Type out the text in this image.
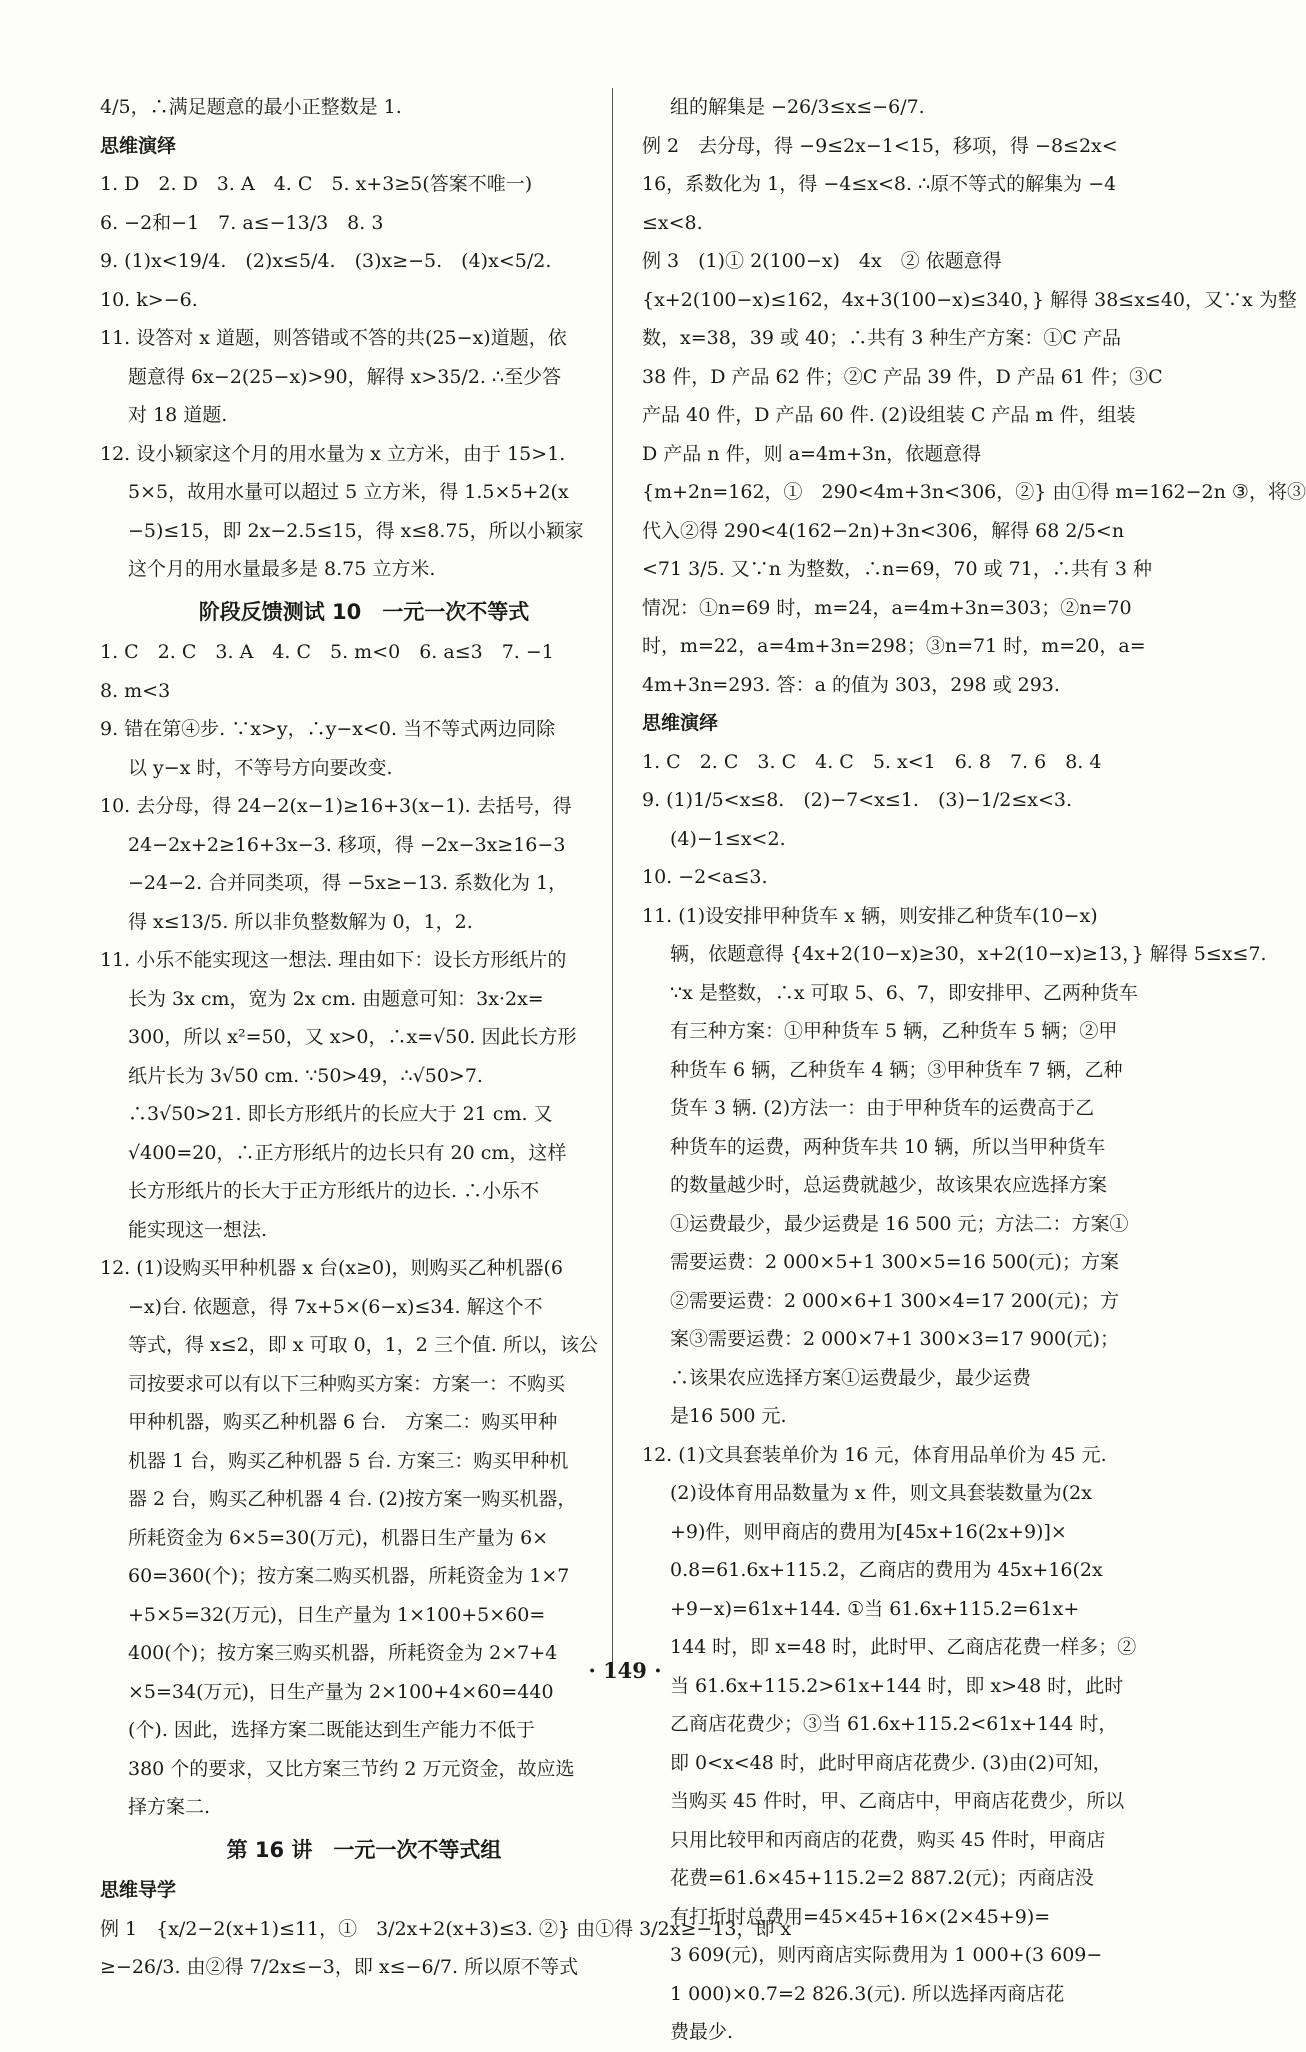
4/5，∴满足题意的最小正整数是 1.
思维演绎
1. D　2. D　3. A　4. C　5. x+3≥5(答案不唯一)
6. −2和−1　7. a≤−13/3　8. 3
9. (1)x<19/4.　(2)x≤5/4.　(3)x≥−5.　(4)x<5/2.
10. k>−6.
11. 设答对 x 道题，则答错或不答的共(25−x)道题，依
题意得 6x−2(25−x)>90，解得 x>35/2. ∴至少答
对 18 道题.
12. 设小颖家这个月的用水量为 x 立方米，由于 15>1.
5×5，故用水量可以超过 5 立方米，得 1.5×5+2(x
−5)≤15，即 2x−2.5≤15，得 x≤8.75，所以小颖家
这个月的用水量最多是 8.75 立方米.
阶段反馈测试 10　一元一次不等式
1. C　2. C　3. A　4. C　5. m<0　6. a≤3　7. −1
8. m<3
9. 错在第④步. ∵x>y，∴y−x<0. 当不等式两边同除
以 y−x 时，不等号方向要改变.
10. 去分母，得 24−2(x−1)≥16+3(x−1). 去括号，得
24−2x+2≥16+3x−3. 移项，得 −2x−3x≥16−3
−24−2. 合并同类项，得 −5x≥−13. 系数化为 1，
得 x≤13/5. 所以非负整数解为 0，1，2.
11. 小乐不能实现这一想法. 理由如下：设长方形纸片的
长为 3x cm，宽为 2x cm. 由题意可知：3x·2x=
300，所以 x²=50，又 x>0，∴x=√50. 因此长方形
纸片长为 3√50 cm. ∵50>49，∴√50>7.
∴3√50>21. 即长方形纸片的长应大于 21 cm. 又
√400=20，∴正方形纸片的边长只有 20 cm，这样
长方形纸片的长大于正方形纸片的边长. ∴小乐不
能实现这一想法.
12. (1)设购买甲种机器 x 台(x≥0)，则购买乙种机器(6
−x)台. 依题意，得 7x+5×(6−x)≤34. 解这个不
等式，得 x≤2，即 x 可取 0，1，2 三个值. 所以，该公
司按要求可以有以下三种购买方案：方案一：不购买
甲种机器，购买乙种机器 6 台.　方案二：购买甲种
机器 1 台，购买乙种机器 5 台. 方案三：购买甲种机
器 2 台，购买乙种机器 4 台. (2)按方案一购买机器，
所耗资金为 6×5=30(万元)，机器日生产量为 6×
60=360(个)；按方案二购买机器，所耗资金为 1×7
+5×5=32(万元)，日生产量为 1×100+5×60=
400(个)；按方案三购买机器，所耗资金为 2×7+4
×5=34(万元)，日生产量为 2×100+4×60=440
(个). 因此，选择方案二既能达到生产能力不低于
380 个的要求，又比方案三节约 2 万元资金，故应选
择方案二.
第 16 讲　一元一次不等式组
思维导学
例 1　{x/2−2(x+1)≤11，①　3/2x+2(x+3)≤3. ②} 由①得 3/2x≥−13，即 x
≥−26/3. 由②得 7/2x≤−3，即 x≤−6/7. 所以原不等式
组的解集是 −26/3≤x≤−6/7.
例 2　去分母，得 −9≤2x−1<15，移项，得 −8≤2x<
16，系数化为 1，得 −4≤x<8. ∴原不等式的解集为 −4
≤x<8.
例 3　(1)① 2(100−x)　4x　② 依题意得
{x+2(100−x)≤162，4x+3(100−x)≤340，} 解得 38≤x≤40，又∵x 为整
数，x=38，39 或 40；∴共有 3 种生产方案：①C 产品
38 件，D 产品 62 件；②C 产品 39 件，D 产品 61 件；③C
产品 40 件，D 产品 60 件. (2)设组装 C 产品 m 件，组装
D 产品 n 件，则 a=4m+3n，依题意得
{m+2n=162，①　290<4m+3n<306，②} 由①得 m=162−2n ③，将③
代入②得 290<4(162−2n)+3n<306，解得 68 2/5<n
<71 3/5. 又∵n 为整数，∴n=69，70 或 71，∴共有 3 种
情况：①n=69 时，m=24，a=4m+3n=303；②n=70
时，m=22，a=4m+3n=298；③n=71 时，m=20，a=
4m+3n=293. 答：a 的值为 303，298 或 293.
思维演绎
1. C　2. C　3. C　4. C　5. x<1　6. 8　7. 6　8. 4
9. (1)1/5<x≤8.　(2)−7<x≤1.　(3)−1/2≤x<3.
(4)−1≤x<2.
10. −2<a≤3.
11. (1)设安排甲种货车 x 辆，则安排乙种货车(10−x)
辆，依题意得 {4x+2(10−x)≥30，x+2(10−x)≥13，} 解得 5≤x≤7.
∵x 是整数，∴x 可取 5、6、7，即安排甲、乙两种货车
有三种方案：①甲种货车 5 辆，乙种货车 5 辆；②甲
种货车 6 辆，乙种货车 4 辆；③甲种货车 7 辆，乙种
货车 3 辆. (2)方法一：由于甲种货车的运费高于乙
种货车的运费，两种货车共 10 辆，所以当甲种货车
的数量越少时，总运费就越少，故该果农应选择方案
①运费最少，最少运费是 16 500 元；方法二：方案①
需要运费：2 000×5+1 300×5=16 500(元)；方案
②需要运费：2 000×6+1 300×4=17 200(元)；方
案③需要运费：2 000×7+1 300×3=17 900(元)；
∴该果农应选择方案①运费最少，最少运费
是16 500 元.
12. (1)文具套装单价为 16 元，体育用品单价为 45 元.
(2)设体育用品数量为 x 件，则文具套装数量为(2x
+9)件，则甲商店的费用为[45x+16(2x+9)]×
0.8=61.6x+115.2，乙商店的费用为 45x+16(2x
+9−x)=61x+144. ①当 61.6x+115.2=61x+
144 时，即 x=48 时，此时甲、乙商店花费一样多；②
当 61.6x+115.2>61x+144 时，即 x>48 时，此时
乙商店花费少；③当 61.6x+115.2<61x+144 时，
即 0<x<48 时，此时甲商店花费少. (3)由(2)可知，
当购买 45 件时，甲、乙商店中，甲商店花费少，所以
只用比较甲和丙商店的花费，购买 45 件时，甲商店
花费=61.6×45+115.2=2 887.2(元)；丙商店没
有打折时总费用=45×45+16×(2×45+9)=
3 609(元)，则丙商店实际费用为 1 000+(3 609−
1 000)×0.7=2 826.3(元). 所以选择丙商店花
费最少.
· 149 ·
